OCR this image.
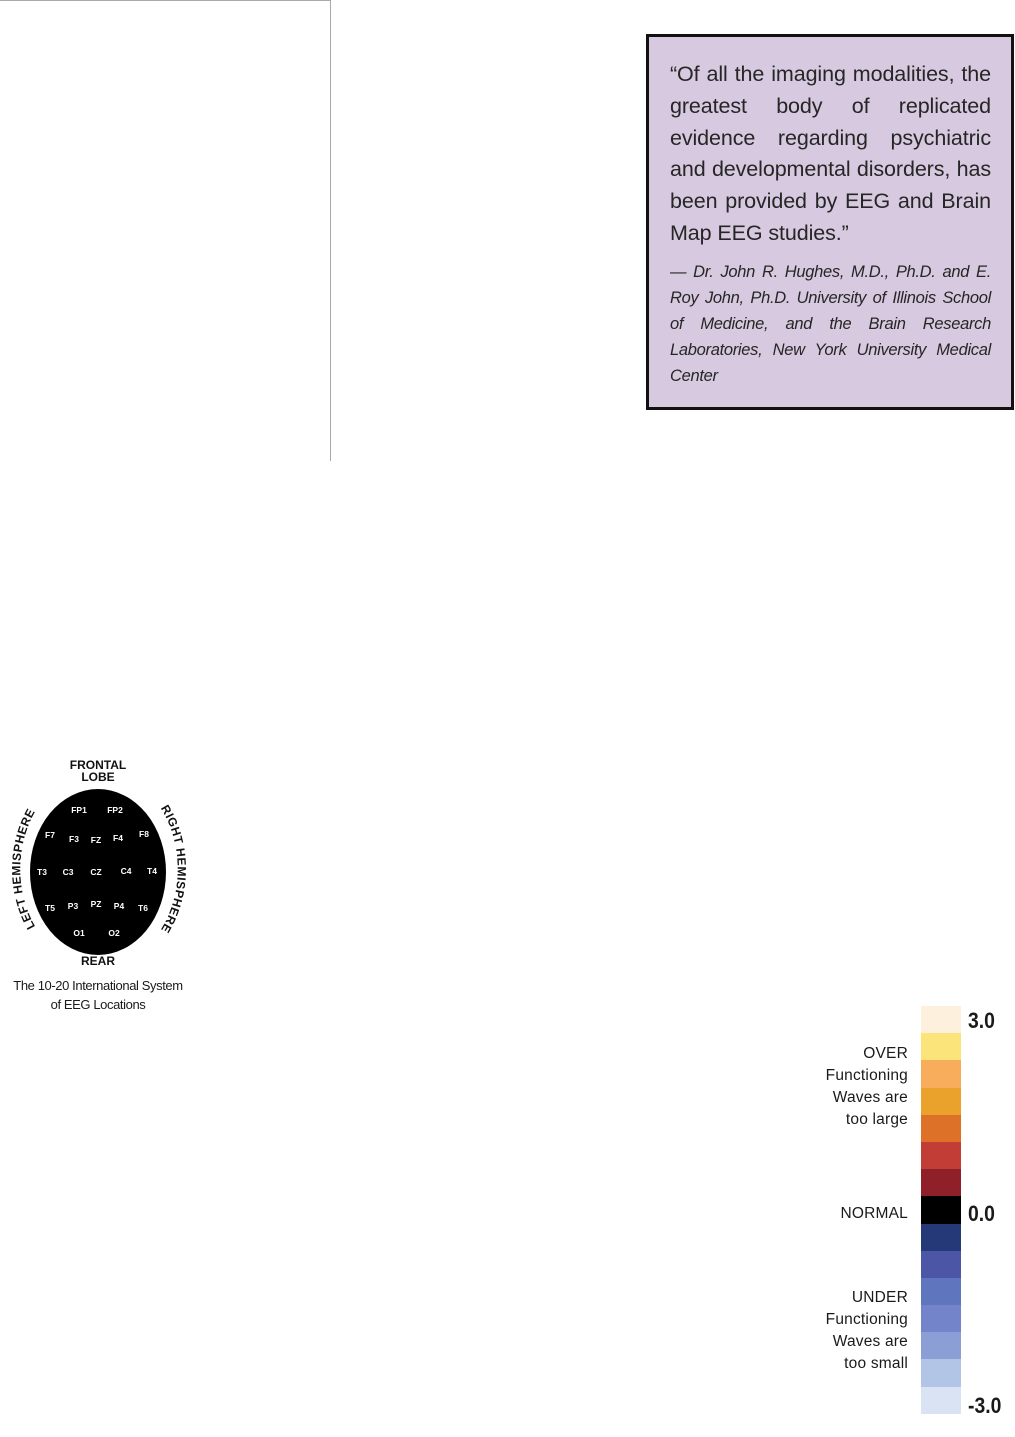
“Of all the imaging modalities, the greatest body of replicated evidence regarding psychiatric and developmental disorders, has been provided by EEG and Brain Map EEG studies.”

— Dr. John R. Hughes, M.D., Ph.D. and E. Roy John, Ph.D. University of Illinois School of Medicine, and the Brain Research Laboratories, New York University Medical Center

FRONTAL
LOBE
LEFT HEMISPHERE	RIGHT HEMISPHERE
FP1 FP2
F7 F3 FZ F4 F8
T3 C3 CZ C4 T4
T5 P3 PZ P4 T6
O1	O2
REAR
The 10-20 International System
of EEG Locations
3.0
0.0
-3.0
OVER
Functioning
Waves are
too large
NORMAL
UNDER
Functioning
Waves are
too small
